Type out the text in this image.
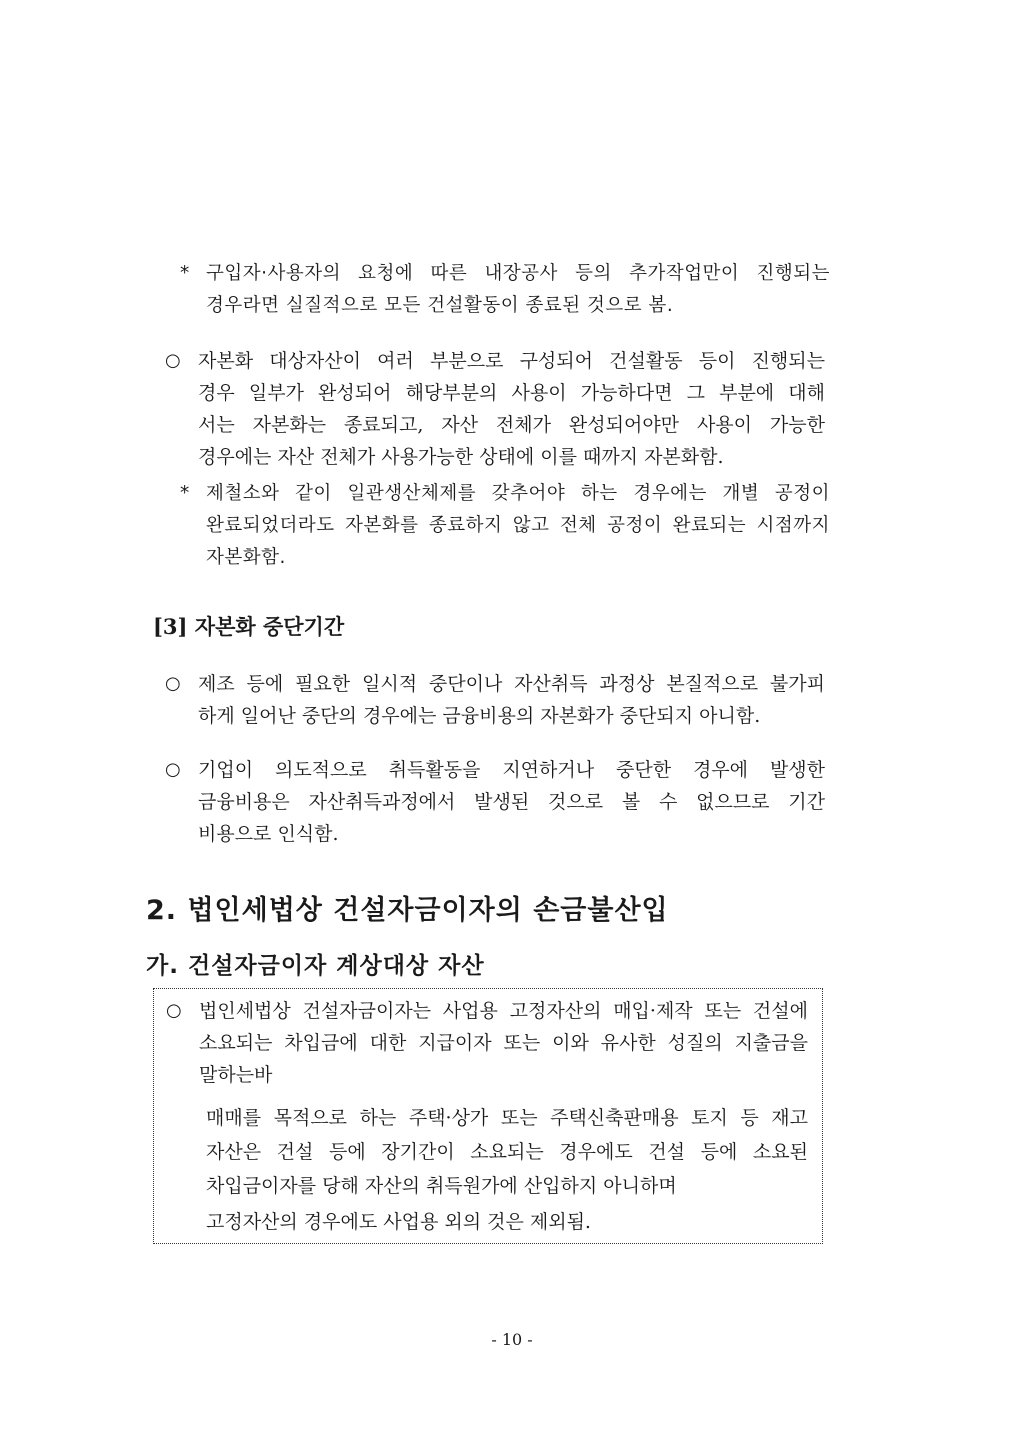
* 구입자·사용자의 요청에 따른 내장공사 등의 추가작업만이 진행되는
경우라면 실질적으로 모든 건설활동이 종료된 것으로 봄.
○ 자본화 대상자산이 여러 부분으로 구성되어 건설활동 등이 진행되는
경우 일부가 완성되어 해당부분의 사용이 가능하다면 그 부분에 대해
서는 자본화는 종료되고, 자산 전체가 완성되어야만 사용이 가능한
경우에는 자산 전체가 사용가능한 상태에 이를 때까지 자본화함.
* 제철소와 같이 일관생산체제를 갖추어야 하는 경우에는 개별 공정이
완료되었더라도 자본화를 종료하지 않고 전체 공정이 완료되는 시점까지
자본화함.
[3] 자본화 중단기간
○ 제조 등에 필요한 일시적 중단이나 자산취득 과정상 본질적으로 불가피
하게 일어난 중단의 경우에는 금융비용의 자본화가 중단되지 아니함.
○ 기업이 의도적으로 취득활동을 지연하거나 중단한 경우에 발생한
금융비용은 자산취득과정에서 발생된 것으로 볼 수 없으므로 기간
비용으로 인식함.
2. 법인세법상 건설자금이자의 손금불산입
가. 건설자금이자 계상대상 자산
○ 법인세법상 건설자금이자는 사업용 고정자산의 매입·제작 또는 건설에
소요되는 차입금에 대한 지급이자 또는 이와 유사한 성질의 지출금을
말하는바
매매를 목적으로 하는 주택·상가 또는 주택신축판매용 토지 등 재고
자산은 건설 등에 장기간이 소요되는 경우에도 건설 등에 소요된
차입금이자를 당해 자산의 취득원가에 산입하지 아니하며
고정자산의 경우에도 사업용 외의 것은 제외됨.
- 10 -
